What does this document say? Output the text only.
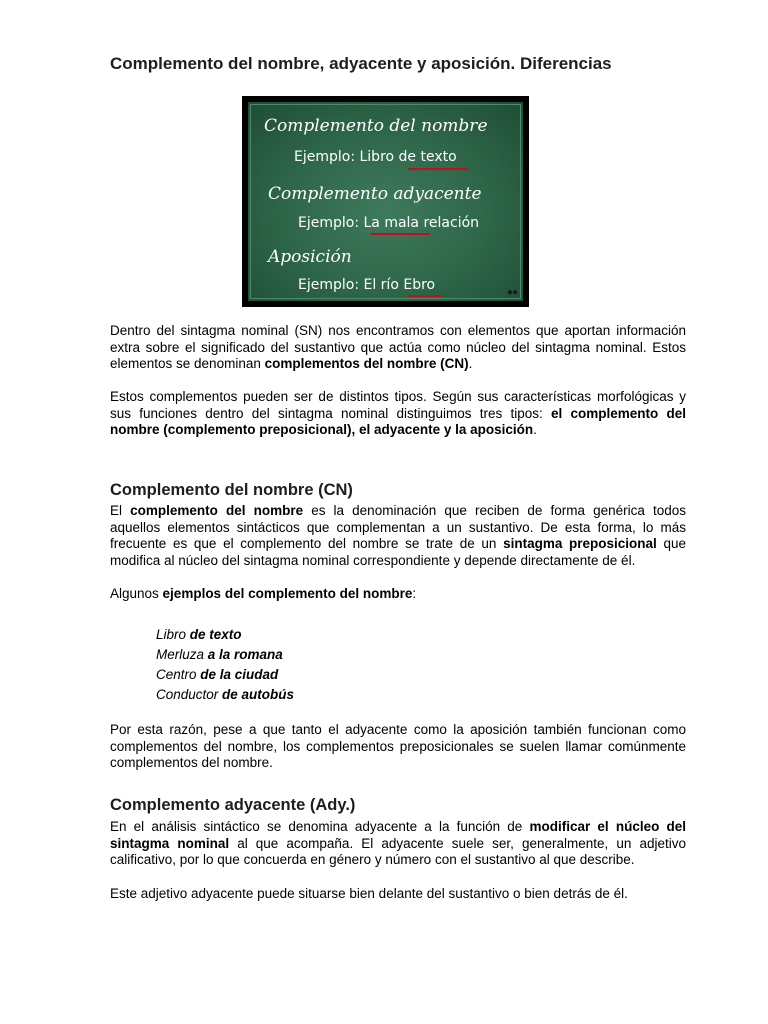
Complemento del nombre, adyacente y aposición. Diferencias
Complemento del nombre
Ejemplo: Libro de texto
Complemento adyacente
Ejemplo: La mala relación
Aposición
Ejemplo: El río Ebro	●●

Dentro del sintagma nominal (SN) nos encontramos con elementos que aportan información extra sobre el significado del sustantivo que actúa como núcleo del sintagma nominal. Estos elementos se denominan complementos del nombre (CN).

Estos complementos pueden ser de distintos tipos. Según sus características morfológicas y sus funciones dentro del sintagma nominal distinguimos tres tipos: el complemento del nombre (complemento preposicional), el adyacente y la aposición.

Complemento del nombre (CN)

El complemento del nombre es la denominación que reciben de forma genérica todos aquellos elementos sintácticos que complementan a un sustantivo. De esta forma, lo más frecuente es que el complemento del nombre se trate de un sintagma preposicional que modifica al núcleo del sintagma nominal correspondiente y depende directamente de él.

Algunos ejemplos del complemento del nombre:

Libro de texto
Merluza a la romana
Centro de la ciudad
Conductor de autobús

Por esta razón, pese a que tanto el adyacente como la aposición también funcionan como complementos del nombre, los complementos preposicionales se suelen llamar comúnmente complementos del nombre.

Complemento adyacente (Ady.)

En el análisis sintáctico se denomina adyacente a la función de modificar el núcleo del sintagma nominal al que acompaña. El adyacente suele ser, generalmente, un adjetivo calificativo, por lo que concuerda en género y número con el sustantivo al que describe.

Este adjetivo adyacente puede situarse bien delante del sustantivo o bien detrás de él.
